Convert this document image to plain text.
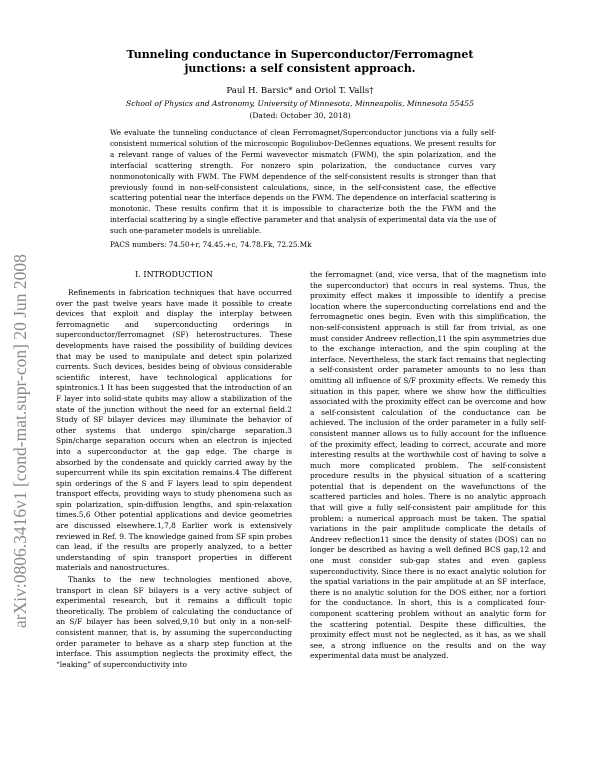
arXiv:0806.3416v1 [cond-mat.supr-con] 20 Jun 2008
Tunneling conductance in Superconductor/Ferromagnet junctions: a self consistent approach.
Paul H. Barsic* and Oriol T. Valls†
School of Physics and Astronomy, University of Minnesota, Minneapolis, Minnesota 55455
(Dated: October 30, 2018)
We evaluate the tunneling conductance of clean Ferromagnet/Superconductor junctions via a fully self-consistent numerical solution of the microscopic Bogoliubov-DeGennes equations. We present results for a relevant range of values of the Fermi wavevector mismatch (FWM), the spin polarization, and the interfacial scattering strength. For nonzero spin polarization, the conductance curves vary nonmonotonically with FWM. The FWM dependence of the self-consistent results is stronger than that previously found in non-self-consistent calculations, since, in the self-consistent case, the effective scattering potential near the interface depends on the FWM. The dependence on interfacial scattering is monotonic. These results confirm that it is impossible to characterize both the the FWM and the interfacial scattering by a single effective parameter and that analysis of experimental data via the use of such one-parameter models is unreliable.
PACS numbers: 74.50+r, 74.45.+c, 74.78.Fk, 72.25.Mk
I. INTRODUCTION

Refinements in fabrication techniques that have occurred over the past twelve years have made it possible to create devices that exploit and display the interplay between ferromagnetic and superconducting orderings in superconductor/ferromagnet (SF) heterostructures. These developments have raised the possibility of building devices that may be used to manipulate and detect spin polarized currents. Such devices, besides being of obvious considerable scientific interest, have technological applications for spintronics.1 It has been suggested that the introduction of an F layer into solid-state qubits may allow a stabilization of the state of the junction without the need for an external field.2 Study of SF bilayer devices may illuminate the behavior of other systems that undergo spin/charge separation.3 Spin/charge separation occurs when an electron is injected into a superconductor at the gap edge. The charge is absorbed by the condensate and quickly carried away by the supercurrent while its spin excitation remains.4 The different spin orderings of the S and F layers lead to spin dependent transport effects, providing ways to study phenomena such as spin polarization, spin-diffusion lengths, and spin-relaxation times.5,6 Other potential applications and device geometries are discussed elsewhere.1,7,8 Earlier work is extensively reviewed in Ref. 9. The knowledge gained from SF spin probes can lead, if the results are properly analyzed, to a better understanding of spin transport properties in different materials and nanostructures.

Thanks to the new technologies mentioned above, transport in clean SF bilayers is a very active subject of experimental research, but it remains a difficult topic theoretically. The problem of calculating the conductance of an S/F bilayer has been solved,9,10 but only in a non-self-consistent manner, that is, by assuming the superconducting order parameter to behave as a sharp step function at the interface. This assumption neglects the proximity effect, the “leaking” of superconductivity into

the ferromagnet (and, vice versa, that of the magnetism into the superconductor) that occurs in real systems. Thus, the proximity effect makes it impossible to identify a precise location where the superconducting correlations end and the ferromagnetic ones begin. Even with this simplification, the non-self-consistent approach is still far from trivial, as one must consider Andreev reflection,11 the spin asymmetries due to the exchange interaction, and the spin coupling at the interface. Nevertheless, the stark fact remains that neglecting a self-consistent order parameter amounts to no less than omitting all influence of S/F proximity effects. We remedy this situation in this paper, where we show how the difficulties associated with the proximity effect can be overcome and how a self-consistent calculation of the conductance can be achieved. The inclusion of the order parameter in a fully self-consistent manner allows us to fully account for the influence of the proximity effect, leading to correct, accurate and more interesting results at the worthwhile cost of having to solve a much more complicated problem. The self-consistent procedure results in the physical situation of a scattering potential that is dependent on the wavefunctions of the scattered particles and holes. There is no analytic approach that will give a fully self-consistent pair amplitude for this problem: a numerical approach must be taken. The spatial variations in the pair amplitude complicate the details of Andreev reflection11 since the density of states (DOS) can no longer be described as having a well defined BCS gap,12 and one must consider sub-gap states and even gapless superconductivity. Since there is no exact analytic solution for the spatial variations in the pair amplitude at an SF interface, there is no analytic solution for the DOS either, nor a fortiori for the conductance. In short, this is a complicated four-component scattering problem without an analytic form for the scattering potential. Despite these difficulties, the proximity effect must not be neglected, as it has, as we shall see, a strong influence on the results and on the way experimental data must be analyzed.
